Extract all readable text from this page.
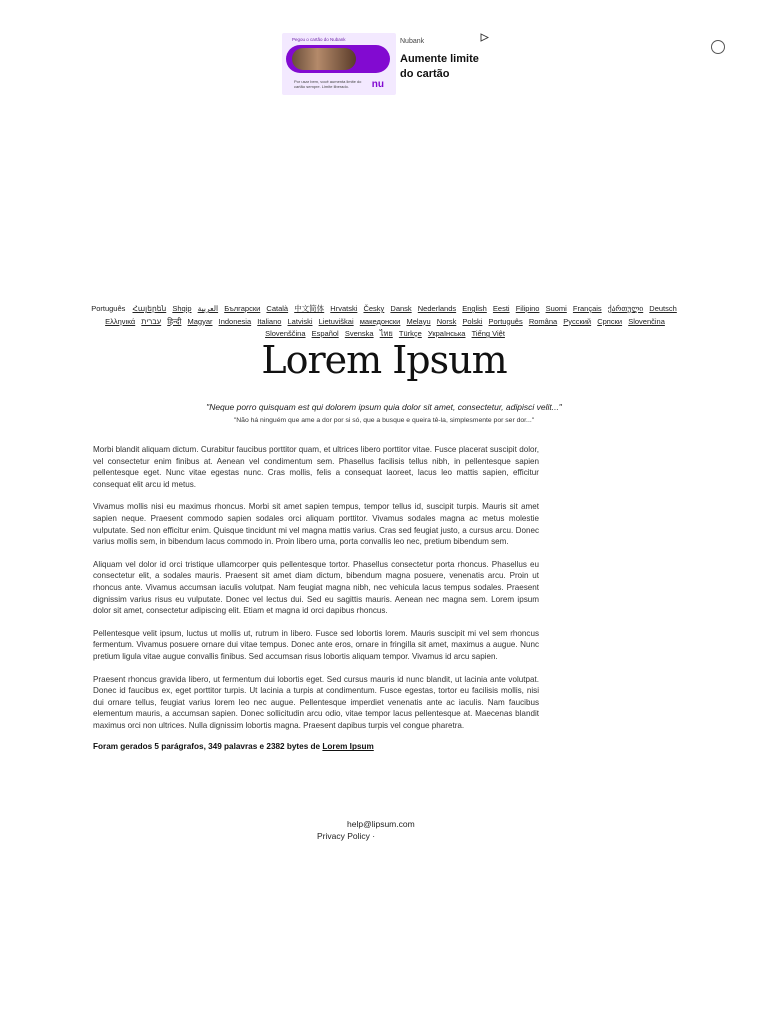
Pegou o cartão do Nubank
Por usar bem, você aumenta limite do cartão sempre. Limite liberado.	nu
Nubank
Aumente limite do cartão
Português Հայերեն Shqip العربية Български Català 中文简体 Hrvatski Česky Dansk Nederlands English Eesti Filipino Suomi Français ქართული Deutsch Ελληνικά עברית हिन्दी Magyar Indonesia Italiano Latviski Lietuviškai македонски Melayu Norsk Polski Português Româna Pусский Српски Slovenčina Slovenščina Español Svenska ไทย Türkçe Українська Tiếng Việt
Lorem Ipsum
"Neque porro quisquam est qui dolorem ipsum quia dolor sit amet, consectetur, adipisci velit..."
"Não há ninguém que ame a dor por si só, que a busque e queira tê-la, simplesmente por ser dor..."

Morbi blandit aliquam dictum. Curabitur faucibus porttitor quam, et ultrices libero porttitor vitae. Fusce placerat suscipit dolor, vel consectetur enim finibus at. Aenean vel condimentum sem. Phasellus facilisis tellus nibh, in pellentesque sapien pellentesque eget. Nunc vitae egestas nunc. Cras mollis, felis a consequat laoreet, lacus leo mattis sapien, efficitur consequat elit arcu id metus.

Vivamus mollis nisi eu maximus rhoncus. Morbi sit amet sapien tempus, tempor tellus id, suscipit turpis. Mauris sit amet sapien neque. Praesent commodo sapien sodales orci aliquam porttitor. Vivamus sodales magna ac metus molestie vulputate. Sed non efficitur enim. Quisque tincidunt mi vel magna mattis varius. Cras sed feugiat justo, a cursus arcu. Donec varius mollis sem, in bibendum lacus commodo in. Proin libero urna, porta convallis leo nec, pretium bibendum sem.

Aliquam vel dolor id orci tristique ullamcorper quis pellentesque tortor. Phasellus consectetur porta rhoncus. Phasellus eu consectetur elit, a sodales mauris. Praesent sit amet diam dictum, bibendum magna posuere, venenatis arcu. Proin ut rhoncus ante. Vivamus accumsan iaculis volutpat. Nam feugiat magna nibh, nec vehicula lacus tempus sodales. Praesent dignissim varius risus eu vulputate. Donec vel lectus dui. Sed eu sagittis mauris. Aenean nec magna sem. Lorem ipsum dolor sit amet, consectetur adipiscing elit. Etiam et magna id orci dapibus rhoncus.

Pellentesque velit ipsum, luctus ut mollis ut, rutrum in libero. Fusce sed lobortis lorem. Mauris suscipit mi vel sem rhoncus fermentum. Vivamus posuere ornare dui vitae tempus. Donec ante eros, ornare in fringilla sit amet, maximus a augue. Nunc pretium ligula vitae augue convallis finibus. Sed accumsan risus lobortis aliquam tempor. Vivamus id arcu sapien.

Praesent rhoncus gravida libero, ut fermentum dui lobortis eget. Sed cursus mauris id nunc blandit, ut lacinia ante volutpat. Donec id faucibus ex, eget porttitor turpis. Ut lacinia a turpis at condimentum. Fusce egestas, tortor eu facilisis mollis, nisi dui ornare tellus, feugiat varius lorem leo nec augue. Pellentesque imperdiet venenatis ante ac iaculis. Nam faucibus elementum mauris, a accumsan sapien. Donec sollicitudin arcu odio, vitae tempor lacus pellentesque at. Maecenas blandit maximus orci non ultrices. Nulla dignissim lobortis magna. Praesent dapibus turpis vel congue pharetra.

Foram gerados 5 parágrafos, 349 palavras e 2382 bytes de Lorem Ipsum
help@lipsum.com
Privacy Policy ·
